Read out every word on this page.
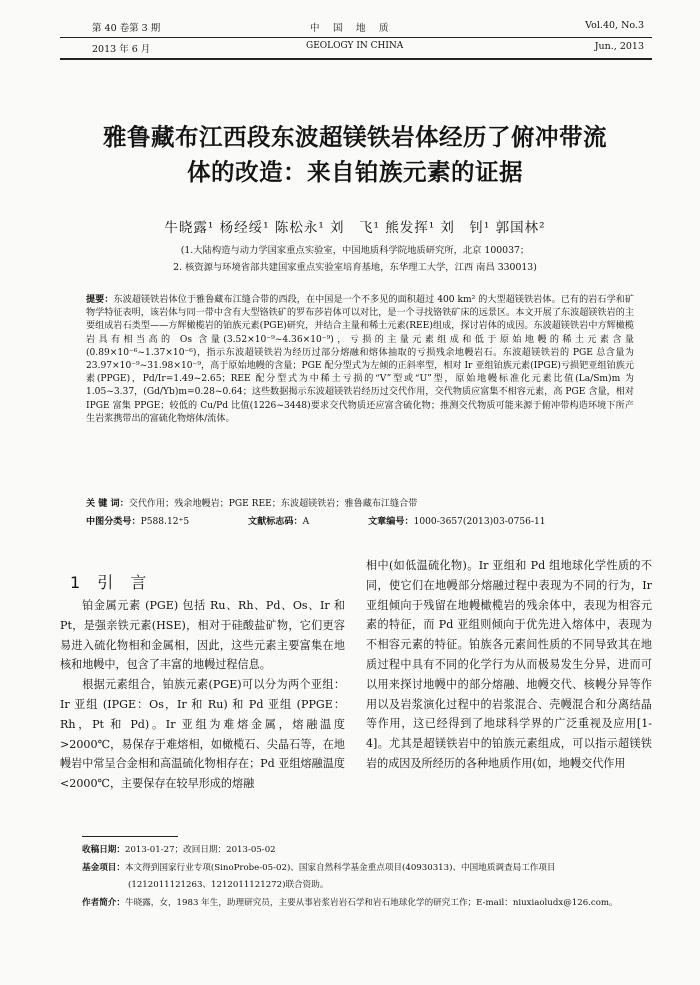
第 40 卷第 3 期
2013 年 6 月
中　国　地　质
GEOLOGY IN CHINA
Vol.40, No.3
Jun., 2013
雅鲁藏布江西段东波超镁铁岩体经历了俯冲带流
体的改造：来自铂族元素的证据
牛晓露¹ 杨经绥¹ 陈松永¹ 刘　飞¹ 熊发挥¹ 刘　钊¹ 郭国林²
(1.大陆构造与动力学国家重点实验室，中国地质科学院地质研究所，北京 100037；
2. 核资源与环境省部共建国家重点实验室培育基地，东华理工大学，江西 南昌 330013)
提要：东波超镁铁岩体位于雅鲁藏布江缝合带的西段，在中国是一个不多见的面积超过 400 km² 的大型超镁铁岩体。已有的岩石学和矿物学特征表明，该岩体与同一带中含有大型铬铁矿的罗布莎岩体可以对比，是一个寻找铬铁矿床的远景区。本文开展了东波超镁铁岩的主要组成岩石类型——方辉橄榄岩的铂族元素(PGE)研究，并结合主量和稀土元素(REE)组成，探讨岩体的成因。东波超镁铁岩中方辉橄榄岩具有相当高的 Os 含量(3.52×10⁻⁹~4.36×10⁻⁹)，亏损的主量元素组成和低于原始地幔的稀土元素含量(0.89×10⁻⁶~1.37×10⁻⁶)，指示东波超镁铁岩为经历过部分熔融和熔体抽取的亏损残余地幔岩石。东波超镁铁岩的 PGE 总含量为 23.97×10⁻⁹~31.98×10⁻⁹，高于原始地幔的含量；PGE 配分型式为左倾的正斜率型，相对 Ir 亚组铂族元素(IPGE)亏损钯亚组铂族元素(PPGE)，Pd/Ir=1.49~2.65；REE 配分型式为中稀土亏损的“V”型或“U”型，原始地幔标准化元素比值(La/Sm)m 为 1.05~3.37，(Gd/Yb)m=0.28~0.64；这些数据揭示东波超镁铁岩经历过交代作用，交代物质应富集不相容元素，高 PGE 含量，相对 IPGE 富集 PPGE；较低的 Cu/Pd 比值(1226~3448)要求交代物质还应富含硫化物；推测交代物质可能来源于俯冲带构造环境下所产生岩浆携带出的富硫化物熔体/流体。
关 键 词：交代作用；残余地幔岩；PGE REE；东波超镁铁岩；雅鲁藏布江缝合带
中图分类号：P588.12⁺5	文献标志码：A	文章编号：1000-3657(2013)03-0756-11
1 引 言

铂金属元素 (PGE) 包括 Ru、Rh、Pd、Os、Ir 和 Pt，是强亲铁元素(HSE)，相对于硅酸盐矿物，它们更容易进入硫化物相和金属相，因此，这些元素主要富集在地核和地幔中，包含了丰富的地幔过程信息。

根据元素组合，铂族元素(PGE)可以分为两个亚组：Ir 亚组 (IPGE：Os，Ir 和 Ru) 和 Pd 亚组 (PPGE：Rh，Pt 和 Pd)。Ir 亚组为难熔金属，熔融温度>2000℃，易保存于难熔相，如橄榄石、尖晶石等，在地幔岩中常呈合金相和高温硫化物相存在；Pd 亚组熔融温度<2000℃，主要保存在较早形成的熔融

相中(如低温硫化物)。Ir 亚组和 Pd 组地球化学性质的不同，使它们在地幔部分熔融过程中表现为不同的行为，Ir 亚组倾向于残留在地幔橄榄岩的残余体中，表现为相容元素的特征，而 Pd 亚组则倾向于优先进入熔体中，表现为不相容元素的特征。铂族各元素间性质的不同导致其在地质过程中具有不同的化学行为从而极易发生分异，进而可以用来探讨地幔中的部分熔融、地幔交代、核幔分异等作用以及岩浆演化过程中的岩浆混合、壳幔混合和分离结晶等作用，这已经得到了地球科学界的广泛重视及应用[1-4]。尤其是超镁铁岩中的铂族元素组成，可以指示超镁铁岩的成因及所经历的各种地质作用(如，地幔交代作用

收稿日期：2013-01-27；改回日期：2013-05-02
基金项目：本文得到国家行业专项(SinoProbe-05-02)、国家自然科学基金重点项目(40930313)、中国地质调查局工作项目
(1212011121263、1212011121272)联合资助。
作者简介：牛晓露，女，1983 年生，助理研究员，主要从事岩浆岩岩石学和岩石地球化学的研究工作；E-mail：niuxiaoludx@126.com。
